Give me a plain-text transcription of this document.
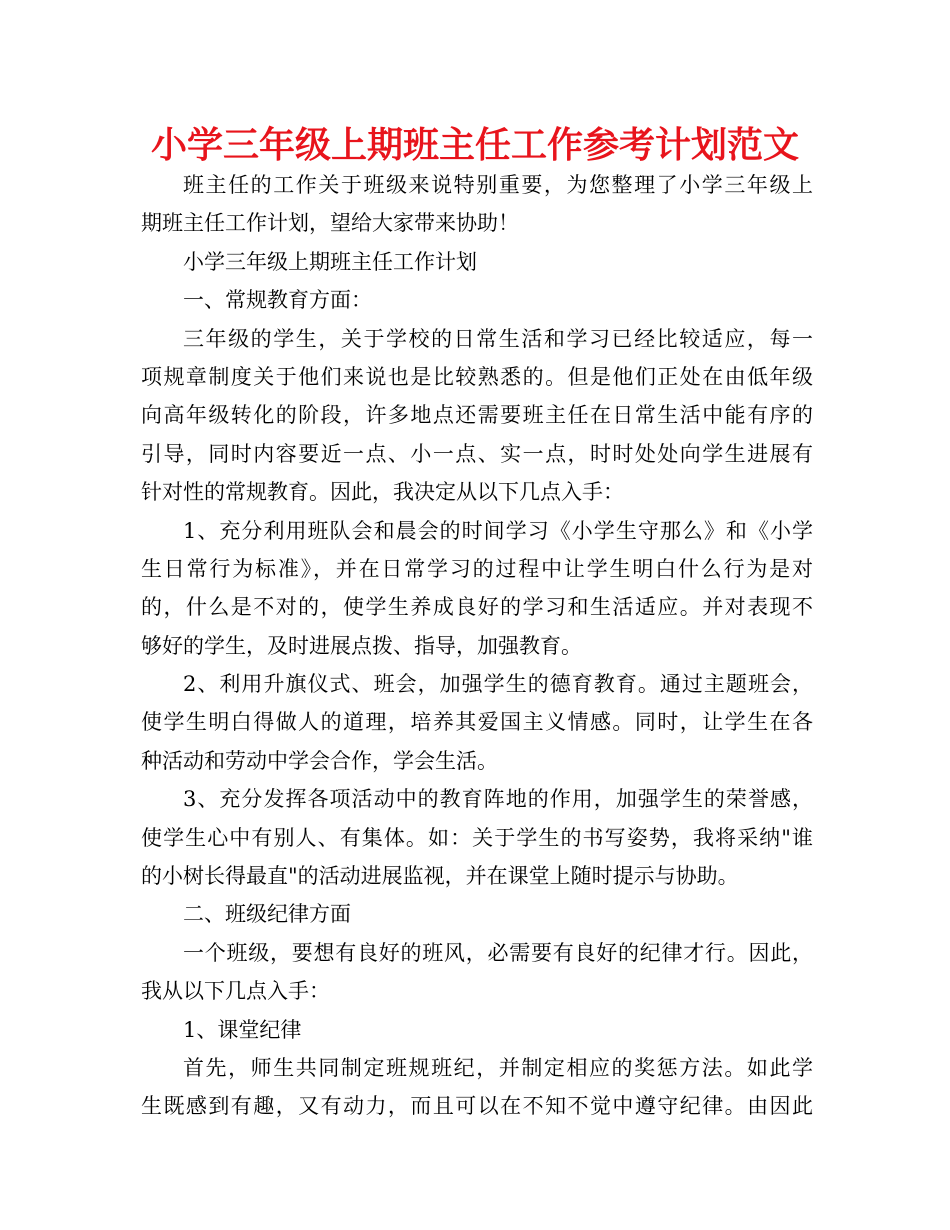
小学三年级上期班主任工作参考计划范文
班主任的工作关于班级来说特别重要，为您整理了小学三年级上
期班主任工作计划，望给大家带来协助！
小学三年级上期班主任工作计划
一、常规教育方面：
三年级的学生，关于学校的日常生活和学习已经比较适应，每一
项规章制度关于他们来说也是比较熟悉的。但是他们正处在由低年级
向高年级转化的阶段，许多地点还需要班主任在日常生活中能有序的
引导，同时内容要近一点、小一点、实一点，时时处处向学生进展有
针对性的常规教育。因此，我决定从以下几点入手：
1、充分利用班队会和晨会的时间学习《小学生守那么》和《小学
生日常行为标准》，并在日常学习的过程中让学生明白什么行为是对
的，什么是不对的，使学生养成良好的学习和生活适应。并对表现不
够好的学生，及时进展点拨、指导，加强教育。
2、利用升旗仪式、班会，加强学生的德育教育。通过主题班会，
使学生明白得做人的道理，培养其爱国主义情感。同时，让学生在各
种活动和劳动中学会合作，学会生活。
3、充分发挥各项活动中的教育阵地的作用，加强学生的荣誉感，
使学生心中有别人、有集体。如：关于学生的书写姿势，我将采纳"谁
的小树长得最直"的活动进展监视，并在课堂上随时提示与协助。
二、班级纪律方面
一个班级，要想有良好的班风，必需要有良好的纪律才行。因此，
我从以下几点入手：
1、课堂纪律
首先，师生共同制定班规班纪，并制定相应的奖惩方法。如此学
生既感到有趣，又有动力，而且可以在不知不觉中遵守纪律。由因此
